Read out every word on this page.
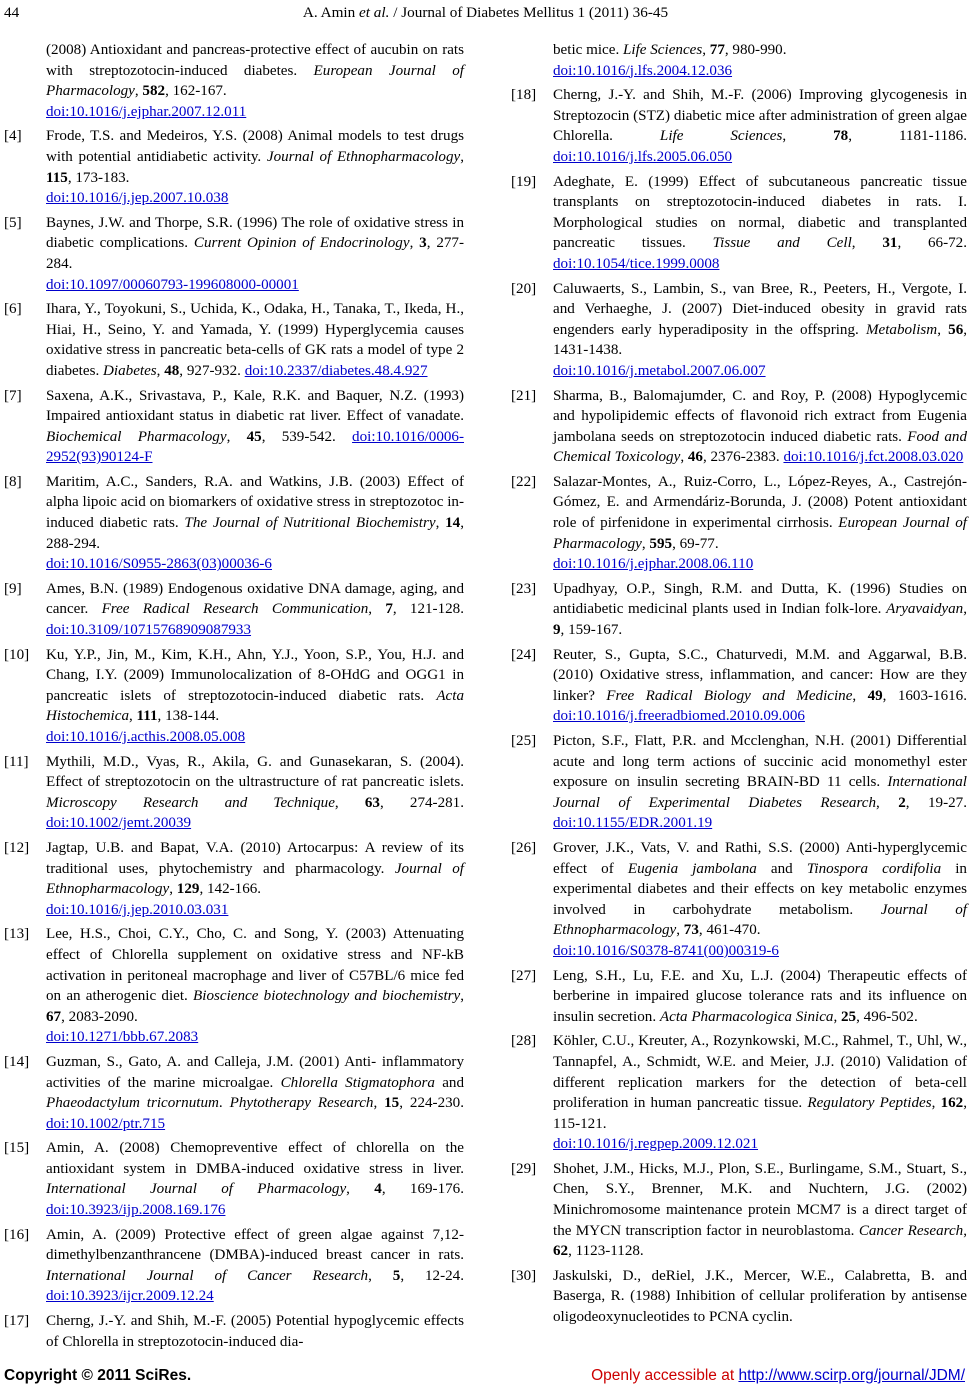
44	A. Amin et al. / Journal of Diabetes Mellitus 1 (2011) 36-45
(2008) Antioxidant and pancreas-protective effect of aucubin on rats with streptozotocin-induced diabetes. European Journal of Pharmacology, 582, 162-167.
doi:10.1016/j.ejphar.2007.12.011
[4] Frode, T.S. and Medeiros, Y.S. (2008) Animal models to test drugs with potential antidiabetic activity. Journal of Ethnopharmacology, 115, 173-183.
doi:10.1016/j.jep.2007.10.038
[5] Baynes, J.W. and Thorpe, S.R. (1996) The role of oxidative stress in diabetic complications. Current Opinion of Endocrinology, 3, 277-284.
doi:10.1097/00060793-199608000-00001
[6] Ihara, Y., Toyokuni, S., Uchida, K., Odaka, H., Tanaka, T., Ikeda, H., Hiai, H., Seino, Y. and Yamada, Y. (1999) Hyperglycemia causes oxidative stress in pancreatic beta-cells of GK rats a model of type 2 diabetes. Diabetes, 48, 927-932. doi:10.2337/diabetes.48.4.927
[7] Saxena, A.K., Srivastava, P., Kale, R.K. and Baquer, N.Z. (1993) Impaired antioxidant status in diabetic rat liver. Effect of vanadate. Biochemical Pharmacology, 45, 539-542. doi:10.1016/0006-2952(93)90124-F
[8] Maritim, A.C., Sanders, R.A. and Watkins, J.B. (2003) Effect of alpha lipoic acid on biomarkers of oxidative stress in streptozotoc in-induced diabetic rats. The Journal of Nutritional Biochemistry, 14, 288-294.
doi:10.1016/S0955-2863(03)00036-6
[9] Ames, B.N. (1989) Endogenous oxidative DNA damage, aging, and cancer. Free Radical Research Communication, 7, 121-128. doi:10.3109/10715768909087933
[10] Ku, Y.P., Jin, M., Kim, K.H., Ahn, Y.J., Yoon, S.P., You, H.J. and Chang, I.Y. (2009) Immunolocalization of 8-OHdG and OGG1 in pancreatic islets of streptozotocin-induced diabetic rats. Acta Histochemica, 111, 138-144.
doi:10.1016/j.acthis.2008.05.008
[11] Mythili, M.D., Vyas, R., Akila, G. and Gunasekaran, S. (2004). Effect of streptozotocin on the ultrastructure of rat pancreatic islets. Microscopy Research and Technique, 63, 274-281. doi:10.1002/jemt.20039
[12] Jagtap, U.B. and Bapat, V.A. (2010) Artocarpus: A review of its traditional uses, phytochemistry and pharmacology. Journal of Ethnopharmacology, 129, 142-166.
doi:10.1016/j.jep.2010.03.031
[13] Lee, H.S., Choi, C.Y., Cho, C. and Song, Y. (2003) Attenuating effect of Chlorella supplement on oxidative stress and NF-kB activation in peritoneal macrophage and liver of C57BL/6 mice fed on an atherogenic diet. Bioscience biotechnology and biochemistry, 67, 2083-2090.
doi:10.1271/bbb.67.2083
[14] Guzman, S., Gato, A. and Calleja, J.M. (2001) Anti- inflammatory activities of the marine microalgae. Chlorella Stigmatophora and Phaeodactylum tricornutum. Phytotherapy Research, 15, 224-230. doi:10.1002/ptr.715
[15] Amin, A. (2008) Chemopreventive effect of chlorella on the antioxidant system in DMBA-induced oxidative stress in liver. International Journal of Pharmacology, 4, 169-176. doi:10.3923/ijp.2008.169.176
[16] Amin, A. (2009) Protective effect of green algae against 7,12-dimethylbenzanthrancene (DMBA)-induced breast cancer in rats. International Journal of Cancer Research, 5, 12-24. doi:10.3923/ijcr.2009.12.24
[17] Cherng, J.-Y. and Shih, M.-F. (2005) Potential hypoglycemic effects of Chlorella in streptozotocin-induced dia-
betic mice. Life Sciences, 77, 980-990.
doi:10.1016/j.lfs.2004.12.036
[18] Cherng, J.-Y. and Shih, M.-F. (2006) Improving glycogenesis in Streptozocin (STZ) diabetic mice after administration of green algae Chlorella. Life Sciences, 78, 1181-1186. doi:10.1016/j.lfs.2005.06.050
[19] Adeghate, E. (1999) Effect of subcutaneous pancreatic tissue transplants on streptozotocin-induced diabetes in rats. I. Morphological studies on normal, diabetic and transplanted pancreatic tissues. Tissue and Cell, 31, 66-72. doi:10.1054/tice.1999.0008
[20] Caluwaerts, S., Lambin, S., van Bree, R., Peeters, H., Vergote, I. and Verhaeghe, J. (2007) Diet-induced obesity in gravid rats engenders early hyperadiposity in the offspring. Metabolism, 56, 1431-1438.
doi:10.1016/j.metabol.2007.06.007
[21] Sharma, B., Balomajumder, C. and Roy, P. (2008) Hypoglycemic and hypolipidemic effects of flavonoid rich extract from Eugenia jambolana seeds on streptozotocin induced diabetic rats. Food and Chemical Toxicology, 46, 2376-2383. doi:10.1016/j.fct.2008.03.020
[22] Salazar-Montes, A., Ruiz-Corro, L., López-Reyes, A., Castrejón-Gómez, E. and Armendáriz-Borunda, J. (2008) Potent antioxidant role of pirfenidone in experimental cirrhosis. European Journal of Pharmacology, 595, 69-77.
doi:10.1016/j.ejphar.2008.06.110
[23] Upadhyay, O.P., Singh, R.M. and Dutta, K. (1996) Studies on antidiabetic medicinal plants used in Indian folk-lore. Aryavaidyan, 9, 159-167.
[24] Reuter, S., Gupta, S.C., Chaturvedi, M.M. and Aggarwal, B.B. (2010) Oxidative stress, inflammation, and cancer: How are they linker? Free Radical Biology and Medicine, 49, 1603-1616. doi:10.1016/j.freeradbiomed.2010.09.006
[25] Picton, S.F., Flatt, P.R. and Mcclenghan, N.H. (2001) Differential acute and long term actions of succinic acid monomethyl ester exposure on insulin secreting BRAIN-BD 11 cells. International Journal of Experimental Diabetes Research, 2, 19-27. doi:10.1155/EDR.2001.19
[26] Grover, J.K., Vats, V. and Rathi, S.S. (2000) Anti-hyperglycemic effect of Eugenia jambolana and Tinospora cordifolia in experimental diabetes and their effects on key metabolic enzymes involved in carbohydrate metabolism. Journal of Ethnopharmacology, 73, 461-470.
doi:10.1016/S0378-8741(00)00319-6
[27] Leng, S.H., Lu, F.E. and Xu, L.J. (2004) Therapeutic effects of berberine in impaired glucose tolerance rats and its influence on insulin secretion. Acta Pharmacologica Sinica, 25, 496-502.
[28] Köhler, C.U., Kreuter, A., Rozynkowski, M.C., Rahmel, T., Uhl, W., Tannapfel, A., Schmidt, W.E. and Meier, J.J. (2010) Validation of different replication markers for the detection of beta-cell proliferation in human pancreatic tissue. Regulatory Peptides, 162, 115-121.
doi:10.1016/j.regpep.2009.12.021
[29] Shohet, J.M., Hicks, M.J., Plon, S.E., Burlingame, S.M., Stuart, S., Chen, S.Y., Brenner, M.K. and Nuchtern, J.G. (2002) Minichromosome maintenance protein MCM7 is a direct target of the MYCN transcription factor in neuroblastoma. Cancer Research, 62, 1123-1128.
[30] Jaskulski, D., deRiel, J.K., Mercer, W.E., Calabretta, B. and Baserga, R. (1988) Inhibition of cellular proliferation by antisense oligodeoxynucleotides to PCNA cyclin.
Copyright © 2011 SciRes.	Openly accessible at http://www.scirp.org/journal/JDM/
